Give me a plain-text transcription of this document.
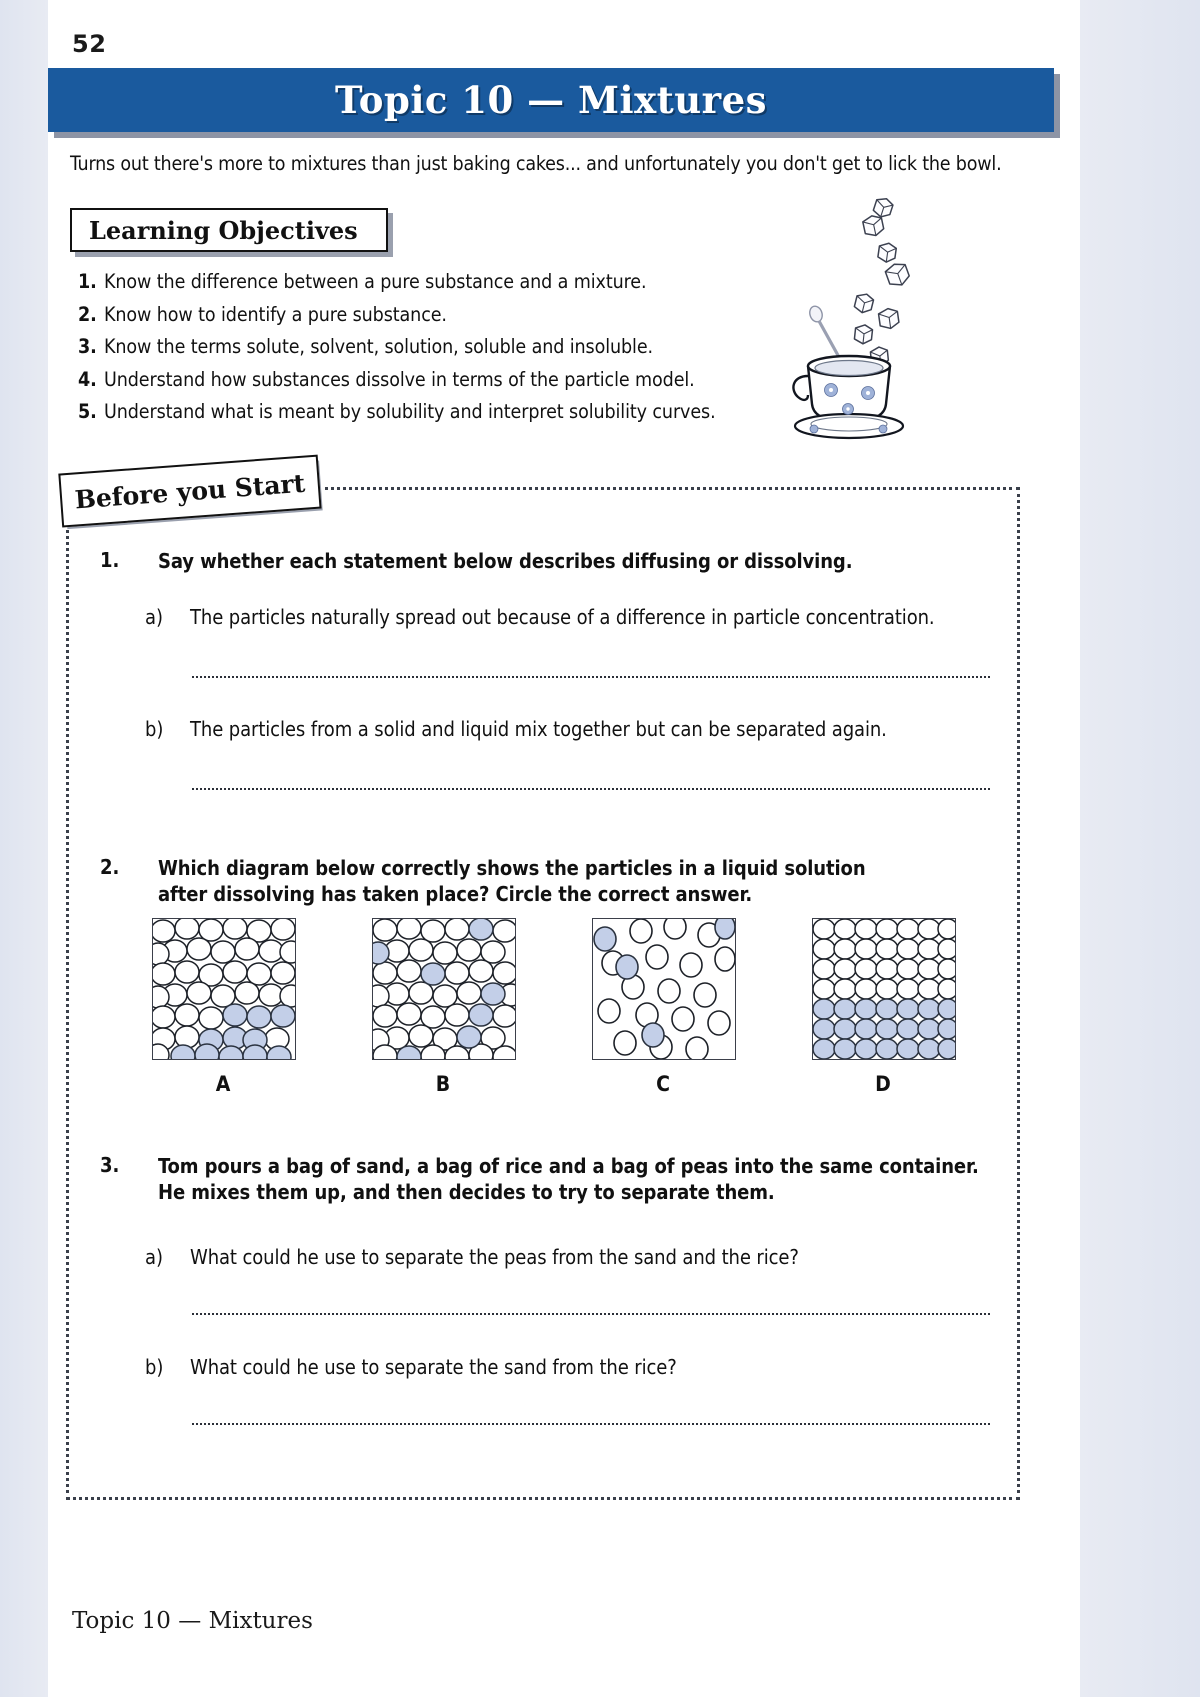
52
Topic 10 — Mixtures
Turns out there's more to mixtures than just baking cakes... and unfortunately you don't get to lick the bowl.
Learning Objectives
1. Know the difference between a pure substance and a mixture.
2. Know how to identify a pure substance.
3. Know the terms solute, solvent, solution, soluble and insoluble.
4. Understand how substances dissolve in terms of the particle model.
5. Understand what is meant by solubility and interpret solubility curves.
Before you Start
1.	Say whether each statement below describes diffusing or dissolving.
a)	The particles naturally spread out because of a difference in particle concentration.
b)	The particles from a solid and liquid mix together but can be separated again.
2.	Which diagram below correctly shows the particles in a liquid solution after dissolving has taken place? Circle the correct answer.
A	B	C	D
3.	Tom pours a bag of sand, a bag of rice and a bag of peas into the same container. He mixes them up, and then decides to try to separate them.
a)	What could he use to separate the peas from the sand and the rice?
b)	What could he use to separate the sand from the rice?
Topic 10 — Mixtures
